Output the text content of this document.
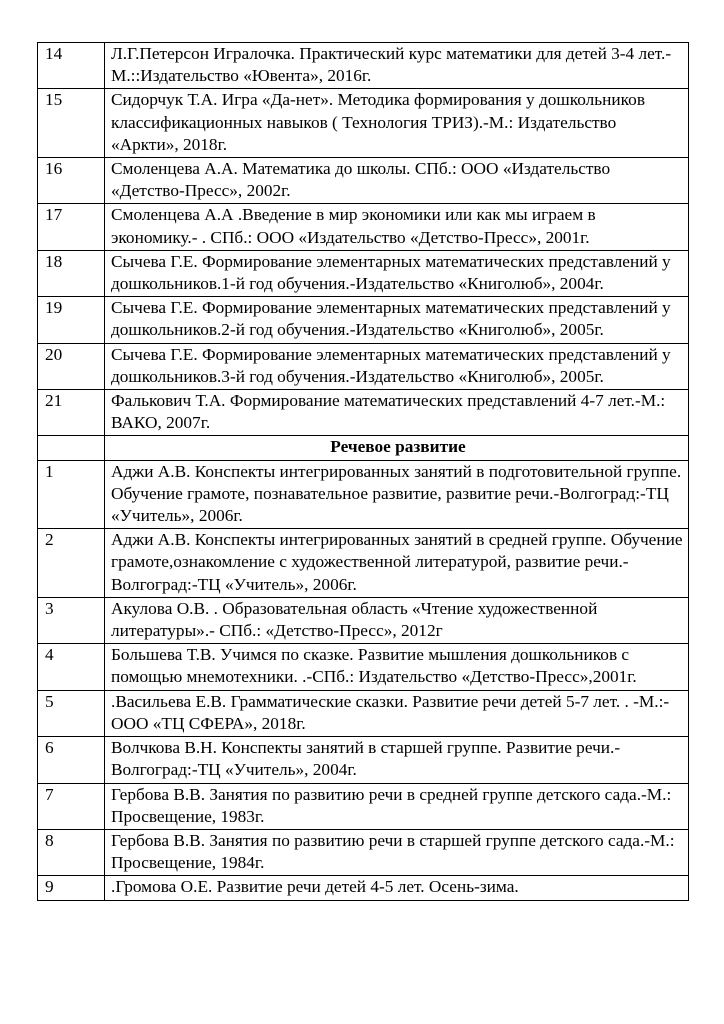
14	Л.Г.Петерсон Игралочка. Практический курс математики для детей 3-4 лет.-М.::Издательство «Ювента», 2016г.
15	Сидорчук Т.А. Игра «Да-нет». Методика формирования у дошкольников классификационных навыков ( Технология ТРИЗ).-М.: Издательство «Аркти», 2018г.
16	Смоленцева А.А. Математика до школы. СПб.: ООО «Издательство «Детство-Пресс», 2002г.
17	Смоленцева А.А .Введение в мир экономики или как мы играем в экономику.- . СПб.: ООО «Издательство «Детство-Пресс», 2001г.
18	Сычева Г.Е. Формирование элементарных математических представлений у дошкольников.1-й год обучения.-Издательство «Книголюб», 2004г.
19	Сычева Г.Е. Формирование элементарных математических представлений у дошкольников.2-й год обучения.-Издательство «Книголюб», 2005г.
20	Сычева Г.Е. Формирование элементарных математических представлений у дошкольников.3-й год обучения.-Издательство «Книголюб», 2005г.
21	Фалькович Т.А. Формирование математических представлений 4-7 лет.-М.: ВАКО, 2007г.
	Речевое развитие
1	Аджи А.В. Конспекты интегрированных занятий в подготовительной группе. Обучение грамоте, познавательное развитие, развитие речи.-Волгоград:-ТЦ «Учитель», 2006г.
2	Аджи А.В. Конспекты интегрированных занятий в средней группе. Обучение грамоте,ознакомление с художественной литературой, развитие речи.-Волгоград:-ТЦ «Учитель», 2006г.
3	Акулова О.В. . Образовательная область «Чтение художественной литературы».- СПб.: «Детство-Пресс», 2012г
4	Большева Т.В. Учимся по сказке. Развитие мышления дошкольников с помощью мнемотехники. .-СПб.: Издательство «Детство-Пресс»,2001г.
5	.Васильева Е.В. Грамматические сказки. Развитие речи детей 5-7 лет. . -М.:-ООО «ТЦ СФЕРА», 2018г.
6	Волчкова В.Н. Конспекты занятий в старшей группе. Развитие речи.- Волгоград:-ТЦ «Учитель», 2004г.
7	Гербова В.В. Занятия по развитию речи в средней группе детского сада.-М.: Просвещение, 1983г.
8	Гербова В.В. Занятия по развитию речи в старшей группе детского сада.-М.: Просвещение, 1984г.
9	.Громова О.Е. Развитие речи детей 4-5 лет. Осень-зима.
